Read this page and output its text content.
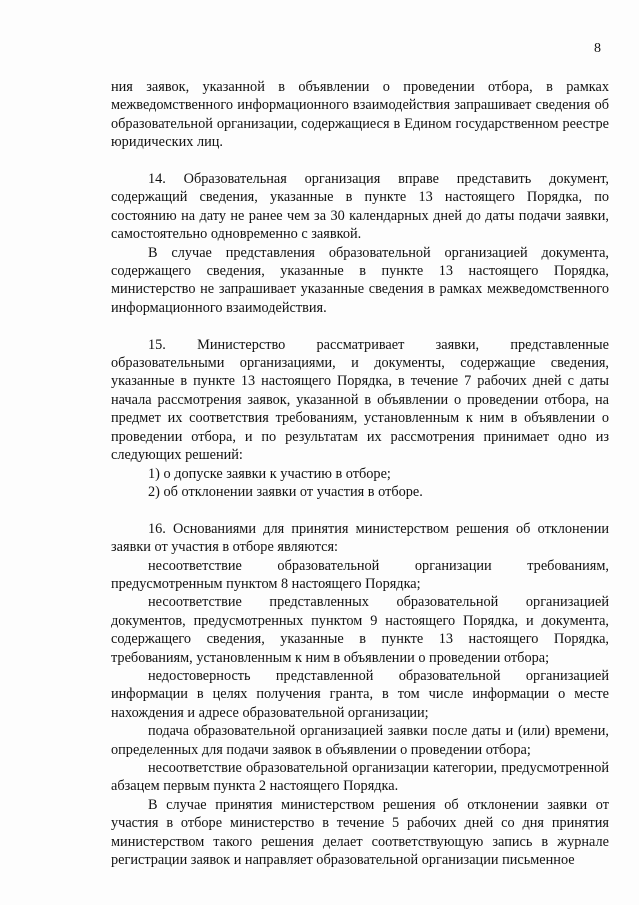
8

ния заявок, указанной в объявлении о проведении отбора, в рамках межведомственного информационного взаимодействия запрашивает сведения об образовательной организации, содержащиеся в Едином государственном реестре юридических лиц.

14. Образовательная организация вправе представить документ, содержащий сведения, указанные в пункте 13 настоящего Порядка, по состоянию на дату не ранее чем за 30 календарных дней до даты подачи заявки, самостоятельно одновременно с заявкой.

В случае представления образовательной организацией документа, содержащего сведения, указанные в пункте 13 настоящего Порядка, министерство не запрашивает указанные сведения в рамках межведомственного информационного взаимодействия.

15. Министерство рассматривает заявки, представленные образовательными организациями, и документы, содержащие сведения, указанные в пункте 13 настоящего Порядка, в течение 7 рабочих дней с даты начала рассмотрения заявок, указанной в объявлении о проведении отбора, на предмет их соответствия требованиям, установленным к ним в объявлении о проведении отбора, и по результатам их рассмотрения принимает одно из следующих решений:

1) о допуске заявки к участию в отборе;

2) об отклонении заявки от участия в отборе.

16. Основаниями для принятия министерством решения об отклонении заявки от участия в отборе являются:

несоответствие образовательной организации требованиям, предусмотренным пунктом 8 настоящего Порядка;

несоответствие представленных образовательной организацией документов, предусмотренных пунктом 9 настоящего Порядка, и документа, содержащего сведения, указанные в пункте 13 настоящего Порядка, требованиям, установленным к ним в объявлении о проведении отбора;

недостоверность представленной образовательной организацией информации в целях получения гранта, в том числе информации о месте нахождения и адресе образовательной организации;

подача образовательной организацией заявки после даты и (или) времени, определенных для подачи заявок в объявлении о проведении отбора;

несоответствие образовательной организации категории, предусмотренной абзацем первым пункта 2 настоящего Порядка.

В случае принятия министерством решения об отклонении заявки от участия в отборе министерство в течение 5 рабочих дней со дня принятия министерством такого решения делает соответствующую запись в журнале регистрации заявок и направляет образовательной организации письменное
